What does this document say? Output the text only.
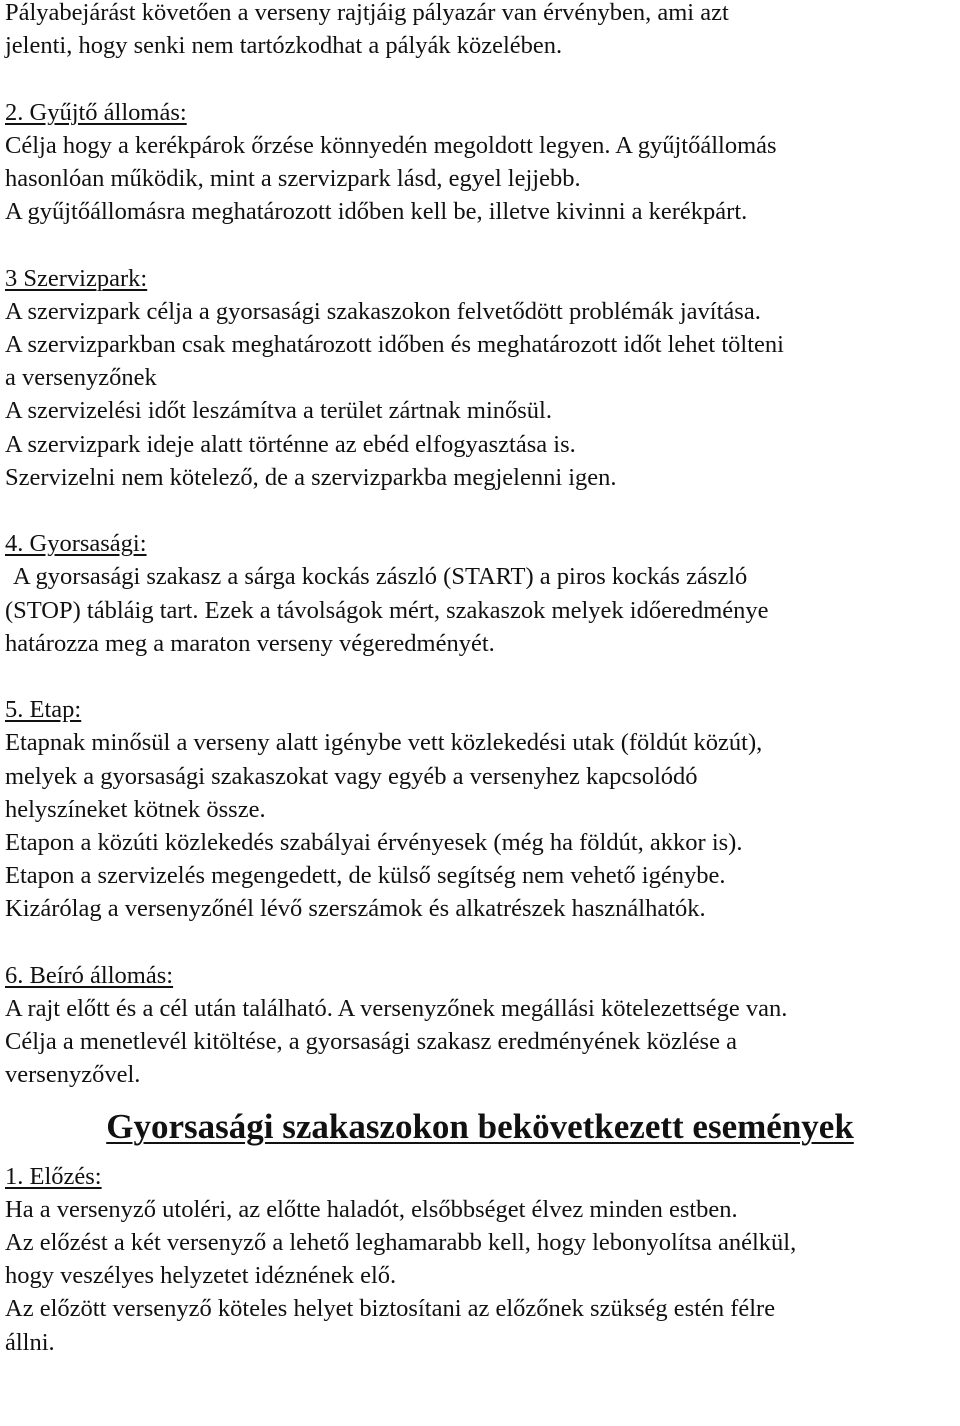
Pályabejárást követően a verseny rajtjáig pályazár van érvényben, ami azt
jelenti, hogy senki nem tartózkodhat a pályák közelében.
2. Gyűjtő állomás:
Célja hogy a kerékpárok őrzése könnyedén megoldott legyen. A gyűjtőállomás
hasonlóan működik, mint a szervizpark lásd, egyel lejjebb.
A gyűjtőállomásra meghatározott időben kell be, illetve kivinni a kerékpárt.
3 Szervizpark:
A szervizpark célja a gyorsasági szakaszokon felvetődött problémák javítása.
A szervizparkban csak meghatározott időben és meghatározott időt lehet tölteni
a versenyzőnek
A szervizelési időt leszámítva a terület zártnak minősül.
A szervizpark ideje alatt történne az ebéd elfogyasztása is.
Szervizelni nem kötelező, de a szervizparkba megjelenni igen.
4. Gyorsasági:
A gyorsasági szakasz a sárga kockás zászló (START) a piros kockás zászló
(STOP) tábláig tart. Ezek a távolságok mért, szakaszok melyek időeredménye
határozza meg a maraton verseny végeredményét.
5. Etap:
Etapnak minősül a verseny alatt igénybe vett közlekedési utak (földút közút),
melyek a gyorsasági szakaszokat vagy egyéb a versenyhez kapcsolódó
helyszíneket kötnek össze.
Etapon a közúti közlekedés szabályai érvényesek (még ha földút, akkor is).
Etapon a szervizelés megengedett, de külső segítség nem vehető igénybe.
Kizárólag a versenyzőnél lévő szerszámok és alkatrészek használhatók.
6. Beíró állomás:
A rajt előtt és a cél után található. A versenyzőnek megállási kötelezettsége van.
Célja a menetlevél kitöltése, a gyorsasági szakasz eredményének közlése a
versenyzővel.
Gyorsasági szakaszokon bekövetkezett események
1. Előzés:
Ha a versenyző utoléri, az előtte haladót, elsőbbséget élvez minden estben.
Az előzést a két versenyző a lehető leghamarabb kell, hogy lebonyolítsa anélkül,
hogy veszélyes helyzetet idéznének elő.
Az előzött versenyző köteles helyet biztosítani az előzőnek szükség estén félre
állni.
